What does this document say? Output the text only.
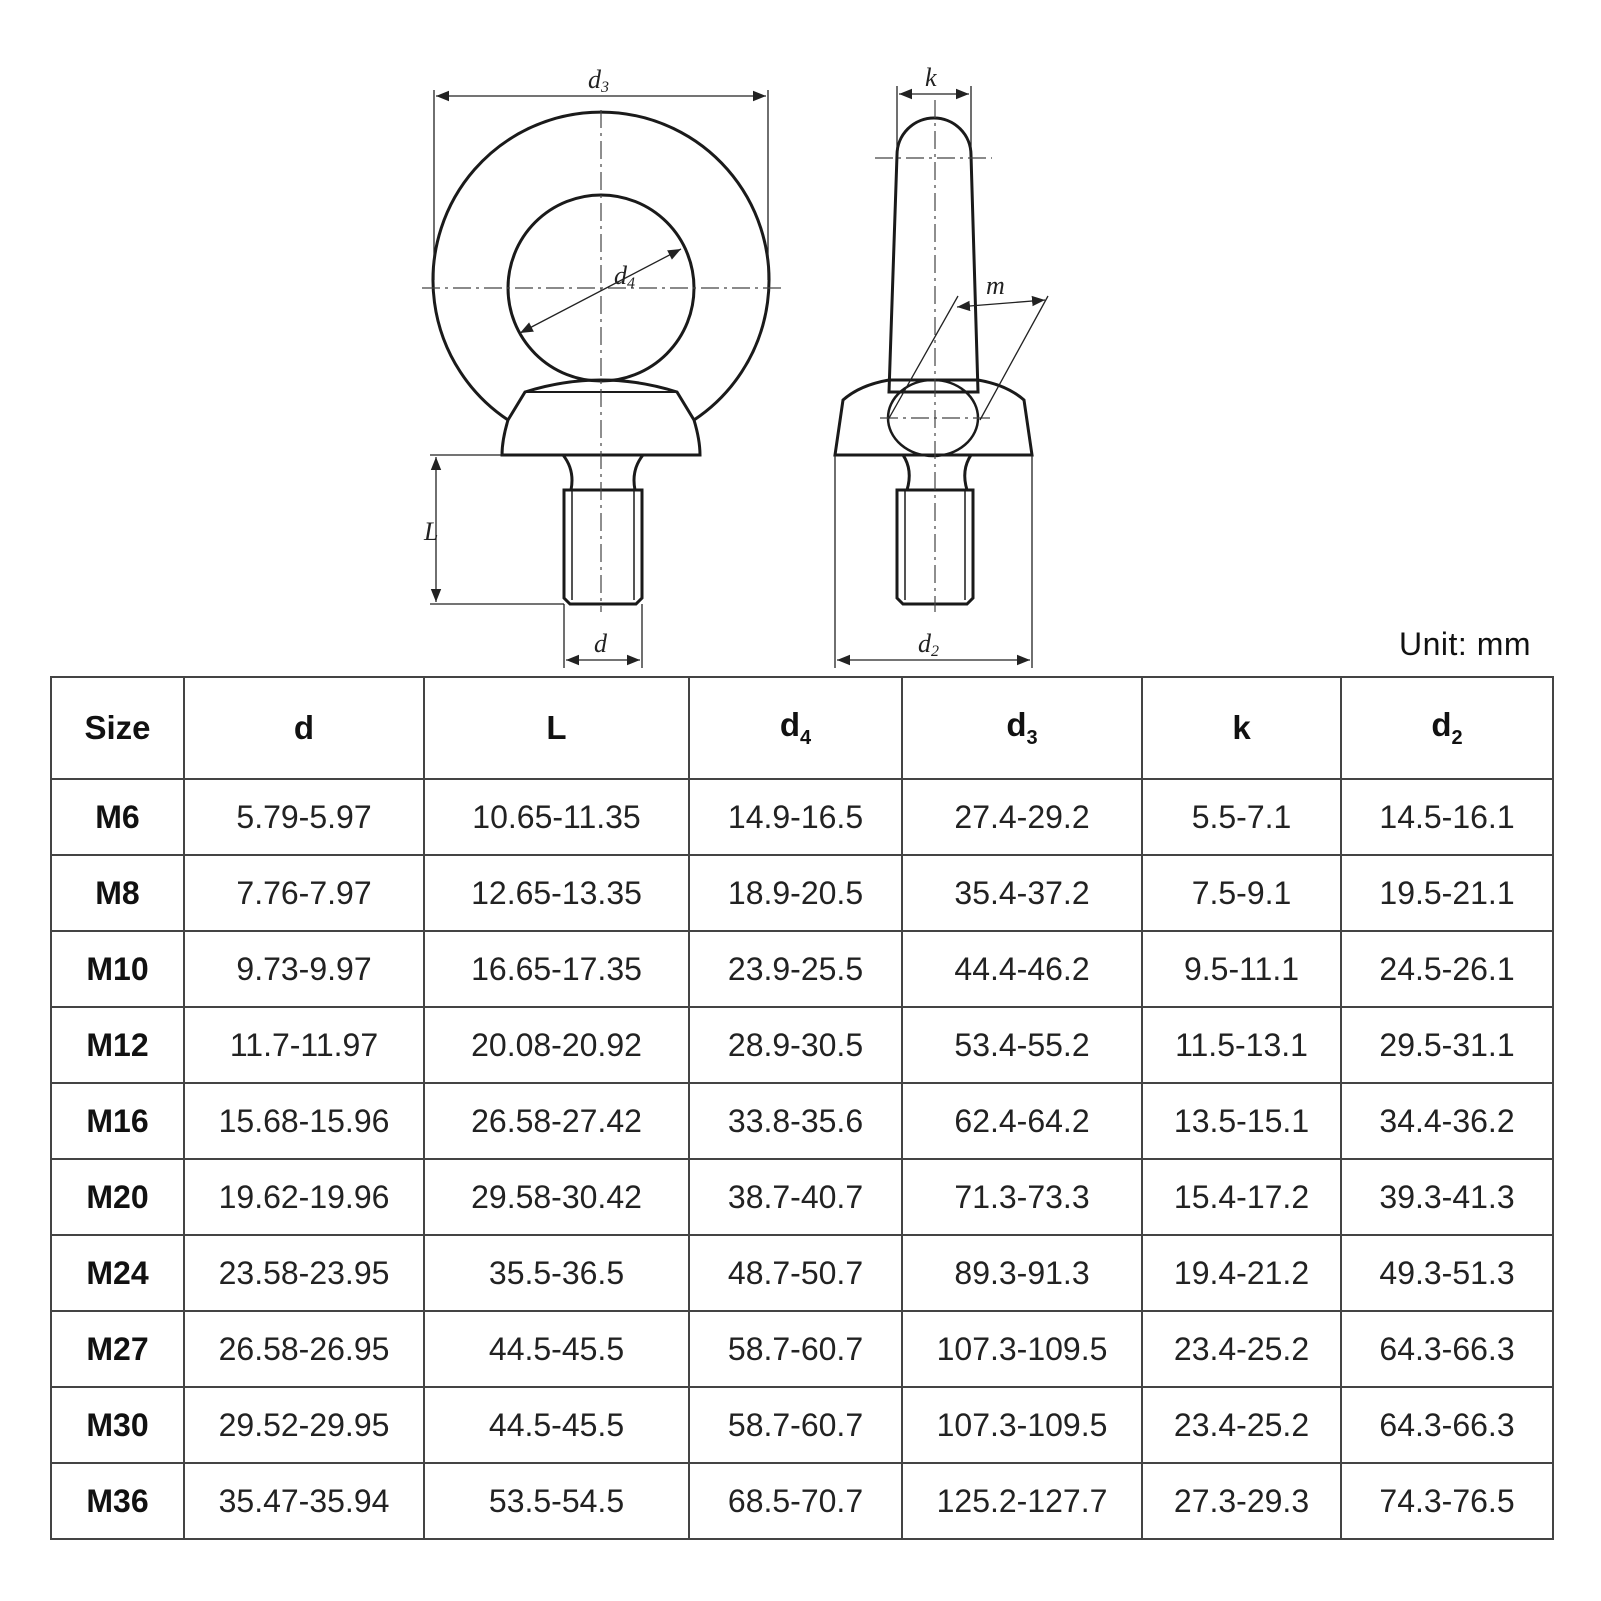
d3
d4
L
d
k
m
d2	Unit: mm
Size	d	L	$d_4$	$d_3$	k	$d_2$
M6	5.79-5.97	10.65-11.35	14.9-16.5	27.4-29.2	5.5-7.1	14.5-16.1
M8	7.76-7.97	12.65-13.35	18.9-20.5	35.4-37.2	7.5-9.1	19.5-21.1
M10	9.73-9.97	16.65-17.35	23.9-25.5	44.4-46.2	9.5-11.1	24.5-26.1
M12	11.7-11.97	20.08-20.92	28.9-30.5	53.4-55.2	11.5-13.1	29.5-31.1
M16	15.68-15.96	26.58-27.42	33.8-35.6	62.4-64.2	13.5-15.1	34.4-36.2
M20	19.62-19.96	29.58-30.42	38.7-40.7	71.3-73.3	15.4-17.2	39.3-41.3
M24	23.58-23.95	35.5-36.5	48.7-50.7	89.3-91.3	19.4-21.2	49.3-51.3
M27	26.58-26.95	44.5-45.5	58.7-60.7	107.3-109.5	23.4-25.2	64.3-66.3
M30	29.52-29.95	44.5-45.5	58.7-60.7	107.3-109.5	23.4-25.2	64.3-66.3
M36	35.47-35.94	53.5-54.5	68.5-70.7	125.2-127.7	27.3-29.3	74.3-76.5
